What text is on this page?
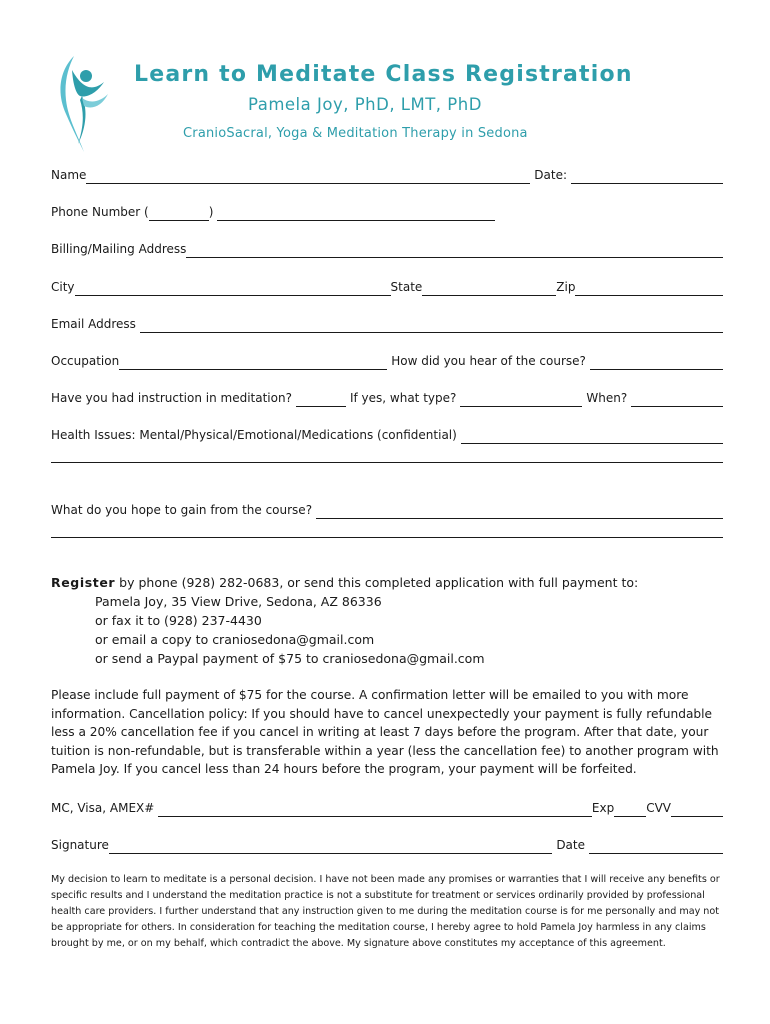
Learn to Meditate Class Registration
Pamela Joy, PhD, LMT, PhD
CranioSacral, Yoga & Meditation Therapy in Sedona
Name	Date:
Phone Number (	)
Billing/Mailing Address
City	State	Zip
Email Address
Occupation	How did you hear of the course?
Have you had instruction in meditation?	If yes, what type?	When?
Health Issues: Mental/Physical/Emotional/Medications (confidential)
What do you hope to gain from the course?
Register by phone (928) 282-0683, or send this completed application with full payment to:
Pamela Joy, 35 View Drive, Sedona, AZ 86336
or fax it to (928) 237-4430
or email a copy to craniosedona@gmail.com
or send a Paypal payment of $75 to craniosedona@gmail.com
Please include full payment of $75 for the course. A confirmation letter will be emailed to you with more information. Cancellation policy: If you should have to cancel unexpectedly your payment is fully refundable less a 20% cancellation fee if you cancel in writing at least 7 days before the program. After that date, your tuition is non-refundable, but is transferable within a year (less the cancellation fee) to another program with Pamela Joy. If you cancel less than 24 hours before the program, your payment will be forfeited.
MC, Visa, AMEX#	Exp	CVV
Signature	Date
My decision to learn to meditate is a personal decision. I have not been made any promises or warranties that I will receive any benefits or specific results and I understand the meditation practice is not a substitute for treatment or services ordinarily provided by professional health care providers. I further understand that any instruction given to me during the meditation course is for me personally and may not be appropriate for others. In consideration for teaching the meditation course, I hereby agree to hold Pamela Joy harmless in any claims brought by me, or on my behalf, which contradict the above. My signature above constitutes my acceptance of this agreement.
